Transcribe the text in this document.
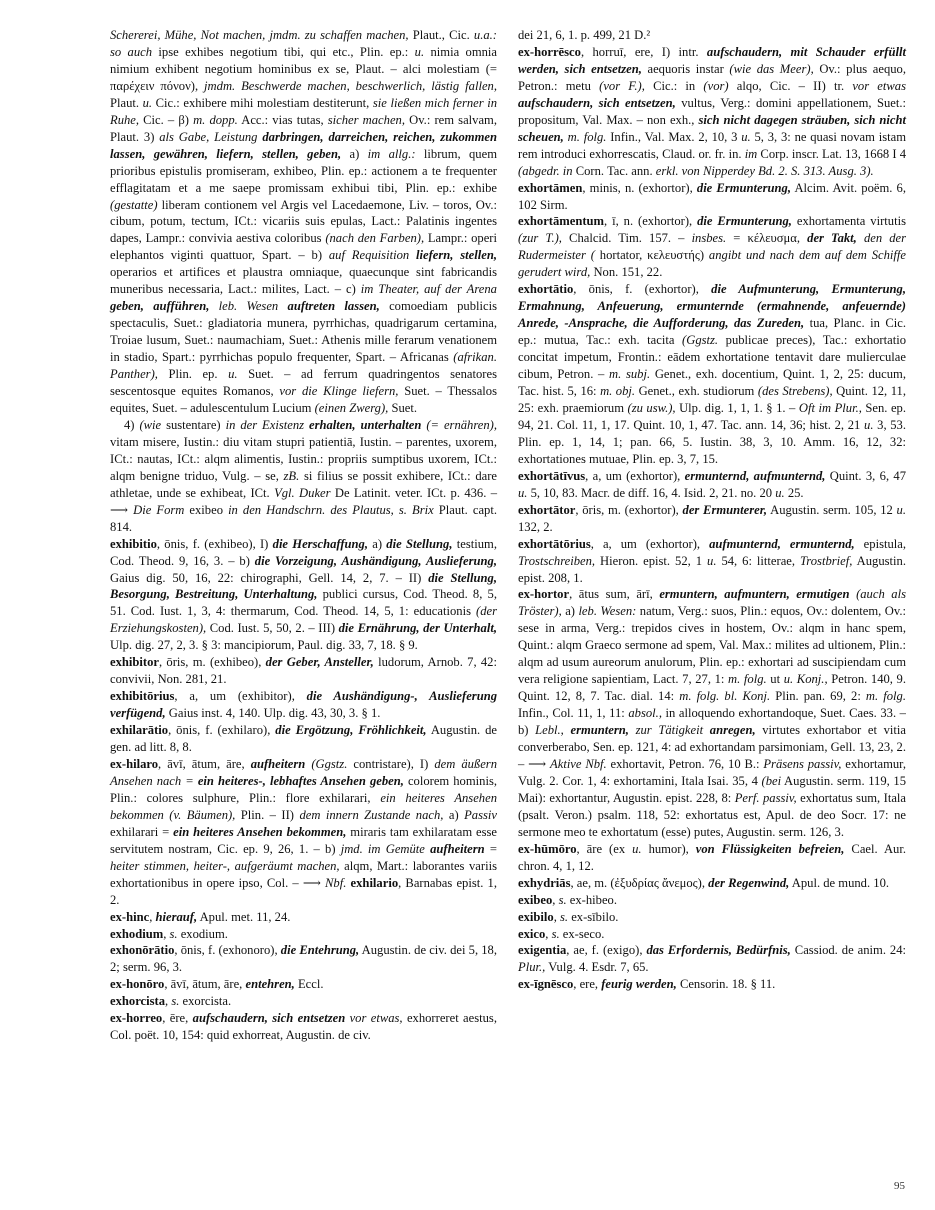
Schererei, Mühe, Not machen, jmdm. zu schaffen machen, Plaut., Cic. u.a.: so auch ipse exhibes negotium tibi, qui etc., Plin. ep.: u. nimia omnia nimium exhibent negotium hominibus ex se, Plaut. – alci molestiam (= παρέχειν πόνον), jmdm. Beschwerde machen, beschwerlich, lästig fallen, Plaut. u. Cic.: exhibere mihi molestiam destiterunt, sie ließen mich ferner in Ruhe, Cic. – β) m. dopp. Acc.: vias tutas, sicher machen, Ov.: rem salvam, Plaut. 3) als Gabe, Leistung darbringen, darreichen, reichen, zukommen lassen, gewähren, liefern, stellen, geben, a) im allg.: librum, quem prioribus epistulis promiseram, exhibeo, Plin. ep.: actionem a te frequenter efflagitatam et a me saepe promissam exhibui tibi, Plin. ep.: exhibe (gestatte) liberam contionem vel Argis vel Lacedaemone, Liv. – toros, Ov.: cibum, potum, tectum, ICt.: vicariis suis epulas, Lact.: Palatinis ingentes dapes, Lampr.: convivia aestiva coloribus (nach den Farben), Lampr.: operi elephantos viginti quattuor, Spart. – b) auf Requisition liefern, stellen, operarios et artifices et plaustra omniaque, quaecunque sint fabricandis muneribus necessaria, Lact.: milites, Lact. – c) im Theater, auf der Arena geben, aufführen, leb. Wesen auftreten lassen, comoediam publicis spectaculis, Suet.: gladiatoria munera, pyrrhichas, quadrigarum certamina, Troiae lusum, Suet.: naumachiam, Suet.: Athenis mille ferarum venationem in stadio, Spart.: pyrrhichas populo frequenter, Spart. – Africanas (afrikan. Panther), Plin. ep. u. Suet. – ad ferrum quadringentos senatores sescentosque equites Romanos, vor die Klinge liefern, Suet. – Thessalos equites, Suet. – adulescentulum Lucium (einen Zwerg), Suet.

4) (wie sustentare) in der Existenz erhalten, unterhalten (= ernähren), vitam misere, Iustin.: diu vitam stupri patientiā, Iustin. – parentes, uxorem, ICt.: nautas, ICt.: alqm alimentis, Iustin.: propriis sumptibus uxorem, ICt.: alqm benigne triduo, Vulg. – se, zB. si filius se possit exhibere, ICt.: dare athletae, unde se exhibeat, ICt. Vgl. Duker De Latinit. veter. ICt. p. 436. – ⟶ Die Form exibeo in den Handschrn. des Plautus, s. Brix Plaut. capt. 814.

exhibitio, ōnis, f. (exhibeo), I) die Herschaffung, a) die Stellung, testium, Cod. Theod. 9, 16, 3. – b) die Vorzeigung, Aushändigung, Auslieferung, Gaius dig. 50, 16, 22: chirographi, Gell. 14, 2, 7. – II) die Stellung, Besorgung, Bestreitung, Unterhaltung, publici cursus, Cod. Theod. 8, 5, 51. Cod. Iust. 1, 3, 4: thermarum, Cod. Theod. 14, 5, 1: educationis (der Erziehungskosten), Cod. Iust. 5, 50, 2. – III) die Ernährung, der Unterhalt, Ulp. dig. 27, 2, 3. § 3: mancipiorum, Paul. dig. 33, 7, 18. § 9.

exhibitor, ōris, m. (exhibeo), der Geber, Ansteller, ludorum, Arnob. 7, 42: convivii, Non. 281, 21.

exhibitōrius, a, um (exhibitor), die Aushändigung-, Auslieferung verfügend, Gaius inst. 4, 140. Ulp. dig. 43, 30, 3. § 1.

exhilarātio, ōnis, f. (exhilaro), die Ergötzung, Fröhlichkeit, Augustin. de gen. ad litt. 8, 8.

ex-hilaro, āvī, ātum, āre, aufheitern (Ggstz. contristare), I) dem äußern Ansehen nach = ein heiteres-, lebhaftes Ansehen geben, colorem hominis, Plin.: colores sulphure, Plin.: flore exhilarari, ein heiteres Ansehen bekommen (v. Bäumen), Plin. – II) dem innern Zustande nach, a) Passiv exhilarari = ein heiteres Ansehen bekommen, miraris tam exhilaratam esse servitutem nostram, Cic. ep. 9, 26, 1. – b) jmd. im Gemüte aufheitern = heiter stimmen, heiter-, aufgeräumt machen, alqm, Mart.: laborantes variis exhortationibus in opere ipso, Col. – ⟶ Nbf. exhilario, Barnabas epist. 1, 2.

ex-hinc, hierauf, Apul. met. 11, 24.

exhodium, s. exodium.

exhonōrātio, ōnis, f. (exhonoro), die Entehrung, Augustin. de civ. dei 5, 18, 2; serm. 96, 3.

ex-honōro, āvī, ātum, āre, entehren, Eccl.

exhorcista, s. exorcista.

ex-horreo, ēre, aufschaudern, sich entsetzen vor etwas, exhorreret aestus, Col. poët. 10, 154: quid exhorreat, Augustin. de civ.

dei 21, 6, 1. p. 499, 21 D.²

ex-horrēsco, horruī, ere, I) intr. aufschaudern, mit Schauder erfüllt werden, sich entsetzen, aequoris instar (wie das Meer), Ov.: plus aequo, Petron.: metu (vor F.), Cic.: in (vor) alqo, Cic. – II) tr. vor etwas aufschaudern, sich entsetzen, vultus, Verg.: domini appellationem, Suet.: propositum, Val. Max. – non exh., sich nicht dagegen sträuben, sich nicht scheuen, m. folg. Infin., Val. Max. 2, 10, 3 u. 5, 3, 3: ne quasi novam istam rem introduci exhorrescatis, Claud. or. fr. in. im Corp. inscr. Lat. 13, 1668 I 4 (abgedr. in Corn. Tac. ann. erkl. von Nipperdey Bd. 2. S. 313. Ausg. 3).

exhortāmen, minis, n. (exhortor), die Ermunterung, Alcim. Avit. poëm. 6, 102 Sirm.

exhortāmentum, ī, n. (exhortor), die Ermunterung, exhortamenta virtutis (zur T.), Chalcid. Tim. 157. – insbes. = κέλευσμα, der Takt, den der Rudermeister ( hortator, κελευστής) angibt und nach dem auf dem Schiffe gerudert wird, Non. 151, 22.

exhortātio, ōnis, f. (exhortor), die Aufmunterung, Ermunterung, Ermahnung, Anfeuerung, ermunternde (ermahnende, anfeuernde) Anrede, -Ansprache, die Aufforderung, das Zureden, tua, Planc. in Cic. ep.: mutua, Tac.: exh. tacita (Ggstz. publicae preces), Tac.: exhortatio concitat impetum, Frontin.: eādem exhortatione tentavit dare mulierculae cibum, Petron. – m. subj. Genet., exh. docentium, Quint. 1, 2, 25: ducum, Tac. hist. 5, 16: m. obj. Genet., exh. studiorum (des Strebens), Quint. 12, 11, 25: exh. praemiorum (zu usw.), Ulp. dig. 1, 1, 1. § 1. – Oft im Plur., Sen. ep. 94, 21. Col. 11, 1, 17. Quint. 10, 1, 47. Tac. ann. 14, 36; hist. 2, 21 u. 3, 53. Plin. ep. 1, 14, 1; pan. 66, 5. Iustin. 38, 3, 10. Amm. 16, 12, 32: exhortationes mutuae, Plin. ep. 3, 7, 15.

exhortātīvus, a, um (exhortor), ermunternd, aufmunternd, Quint. 3, 6, 47 u. 5, 10, 83. Macr. de diff. 16, 4. Isid. 2, 21. no. 20 u. 25.

exhortātor, ōris, m. (exhortor), der Ermunterer, Augustin. serm. 105, 12 u. 132, 2.

exhortātōrius, a, um (exhortor), aufmunternd, ermunternd, epistula, Trostschreiben, Hieron. epist. 52, 1 u. 54, 6: litterae, Trostbrief, Augustin. epist. 208, 1.

ex-hortor, ātus sum, ārī, ermuntern, aufmuntern, ermutigen (auch als Tröster), a) leb. Wesen: natum, Verg.: suos, Plin.: equos, Ov.: dolentem, Ov.: sese in arma, Verg.: trepidos cives in hostem, Ov.: alqm in hanc spem, Quint.: alqm Graeco sermone ad spem, Val. Max.: milites ad ultionem, Plin.: alqm ad usum aureorum anulorum, Plin. ep.: exhortari ad suscipiendam cum vera religione sapientiam, Lact. 7, 27, 1: m. folg. ut u. Konj., Petron. 140, 9. Quint. 12, 8, 7. Tac. dial. 14: m. folg. bl. Konj. Plin. pan. 69, 2: m. folg. Infin., Col. 11, 1, 11: absol., in alloquendo exhortandoque, Suet. Caes. 33. – b) Lebl., ermuntern, zur Tätigkeit anregen, virtutes exhortabor et vitia converberabo, Sen. ep. 121, 4: ad exhortandam parsimoniam, Gell. 13, 23, 2. – ⟶ Aktive Nbf. exhortavit, Petron. 76, 10 B.: Präsens passiv, exhortamur, Vulg. 2. Cor. 1, 4: exhortamini, Itala Isai. 35, 4 (bei Augustin. serm. 119, 15 Mai): exhortantur, Augustin. epist. 228, 8: Perf. passiv, exhortatus sum, Itala (psalt. Veron.) psalm. 118, 52: exhortatus est, Apul. de deo Socr. 17: ne sermone meo te exhortatum (esse) putes, Augustin. serm. 126, 3.

ex-hūmōro, āre (ex u. humor), von Flüssigkeiten befreien, Cael. Aur. chron. 4, 1, 12.

exhydriās, ae, m. (ἐξυδρίας ἄνεμος), der Regenwind, Apul. de mund. 10.

exibeo, s. ex-hibeo.

exibilo, s. ex-sībilo.

exico, s. ex-seco.

exigentia, ae, f. (exigo), das Erfordernis, Bedürfnis, Cassiod. de anim. 24: Plur., Vulg. 4. Esdr. 7, 65.

ex-īgnēsco, ere, feurig werden, Censorin. 18. § 11.

95
